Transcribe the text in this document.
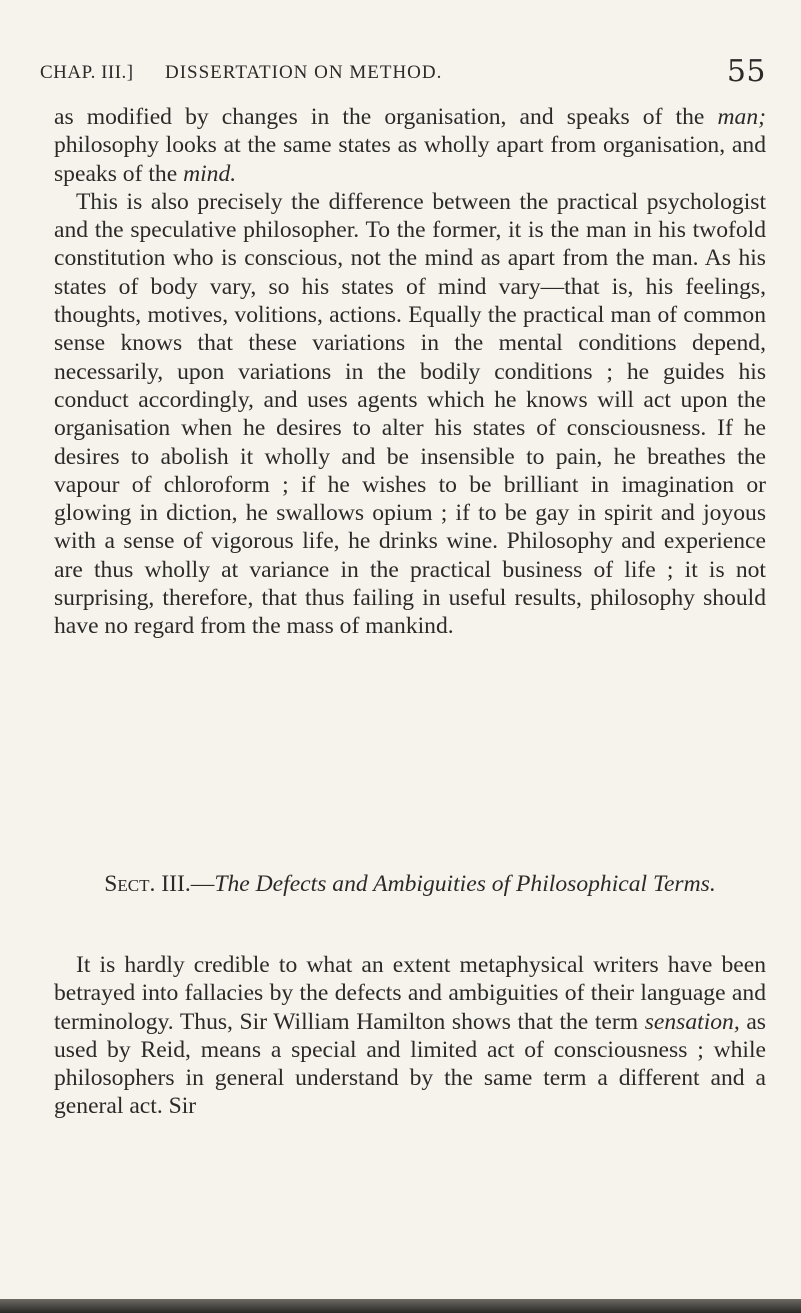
CHAP. III.] DISSERTATION ON METHOD.	55

as modified by changes in the organisation, and speaks of the man; philosophy looks at the same states as wholly apart from organisation, and speaks of the mind.

This is also precisely the difference between the practical psychologist and the speculative philosopher. To the former, it is the man in his twofold constitution who is conscious, not the mind as apart from the man. As his states of body vary, so his states of mind vary—that is, his feelings, thoughts, motives, volitions, actions. Equally the practical man of common sense knows that these variations in the mental conditions depend, necessarily, upon variations in the bodily conditions ; he guides his conduct accordingly, and uses agents which he knows will act upon the organisation when he desires to alter his states of consciousness. If he desires to abolish it wholly and be insensible to pain, he breathes the vapour of chloroform ; if he wishes to be brilliant in imagination or glowing in diction, he swallows opium ; if to be gay in spirit and joyous with a sense of vigorous life, he drinks wine. Philosophy and experience are thus wholly at variance in the practical business of life ; it is not surprising, therefore, that thus failing in useful results, philosophy should have no regard from the mass of mankind.

Sect. III.—The Defects and Ambiguities of Philosophical Terms.

It is hardly credible to what an extent metaphysical writers have been betrayed into fallacies by the defects and ambiguities of their language and terminology. Thus, Sir William Hamilton shows that the term sensation, as used by Reid, means a special and limited act of consciousness ; while philosophers in general understand by the same term a different and a general act. Sir
